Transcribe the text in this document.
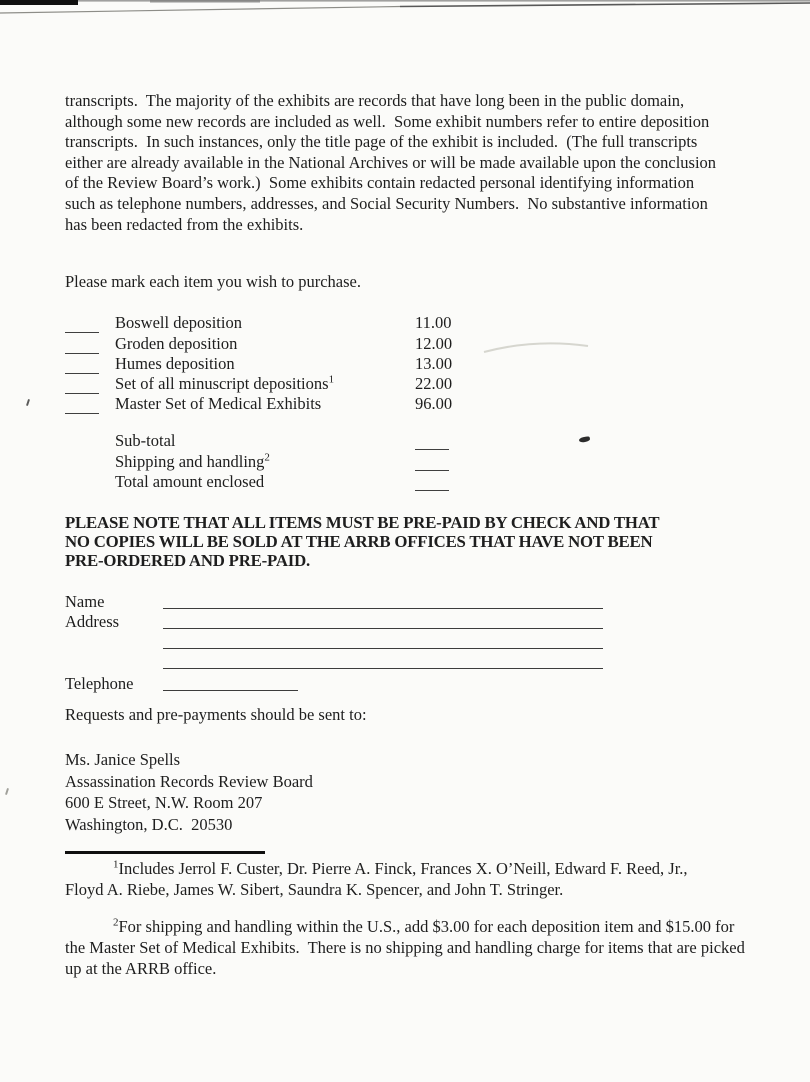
transcripts.  The majority of the exhibits are records that have long been in the public domain, although some new records are included as well.  Some exhibit numbers refer to entire deposition transcripts.  In such instances, only the title page of the exhibit is included.  (The full transcripts either are already available in the National Archives or will be made available upon the conclusion of the Review Board’s work.)  Some exhibits contain redacted personal identifying information such as telephone numbers, addresses, and Social Security Numbers.  No substantive information has been redacted from the exhibits.
Please mark each item you wish to purchase.
Boswell deposition	11.00
Groden deposition	12.00
Humes deposition	13.00
Set of all minuscript depositions$^1$	22.00
Master Set of Medical Exhibits	96.00
Sub-total
Shipping and handling$^2$
Total amount enclosed
PLEASE NOTE THAT ALL ITEMS MUST BE PRE-PAID BY CHECK AND THAT
NO COPIES WILL BE SOLD AT THE ARRB OFFICES THAT HAVE NOT BEEN
PRE-ORDERED AND PRE-PAID.
Name
Address
Telephone
Requests and pre-payments should be sent to:
Ms. Janice Spells
Assassination Records Review Board
600 E Street, N.W. Room 207
Washington, D.C.  20530

$^1$Includes Jerrol F. Custer, Dr. Pierre A. Finck, Frances X. O’Neill, Edward F. Reed, Jr., Floyd A. Riebe, James W. Sibert, Saundra K. Spencer, and John T. Stringer.

$^2$For shipping and handling within the U.S., add $3.00 for each deposition item and $15.00 for the Master Set of Medical Exhibits.  There is no shipping and handling charge for items that are picked up at the ARRB office.
